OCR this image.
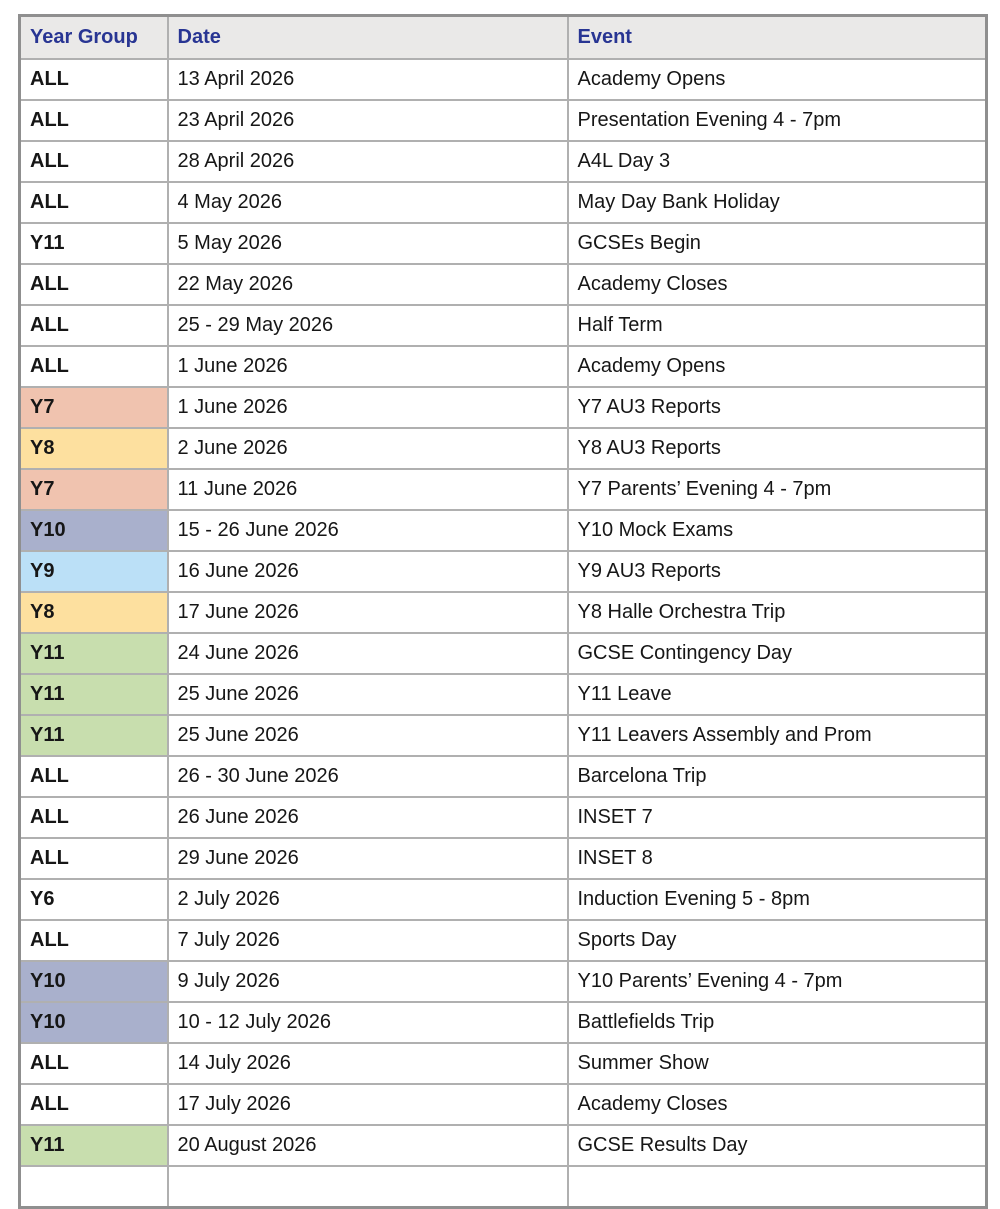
Year Group	Date	Event
ALL	13 April 2026	Academy Opens
ALL	23 April 2026	Presentation Evening 4 - 7pm
ALL	28 April 2026	A4L Day 3
ALL	4 May 2026	May Day Bank Holiday
Y11	5 May 2026	GCSEs Begin
ALL	22 May 2026	Academy Closes
ALL	25 - 29 May 2026	Half Term
ALL	1 June 2026	Academy Opens
Y7	1 June 2026	Y7 AU3 Reports
Y8	2 June 2026	Y8 AU3 Reports
Y7	11 June 2026	Y7 Parents’ Evening 4 - 7pm
Y10	15 - 26 June 2026	Y10 Mock Exams
Y9	16 June 2026	Y9 AU3 Reports
Y8	17 June 2026	Y8 Halle Orchestra Trip
Y11	24 June 2026	GCSE Contingency Day
Y11	25 June 2026	Y11 Leave
Y11	25 June 2026	Y11 Leavers Assembly and Prom
ALL	26 - 30 June 2026	Barcelona Trip
ALL	26 June 2026	INSET 7
ALL	29 June 2026	INSET 8
Y6	2 July 2026	Induction Evening 5 - 8pm
ALL	7 July 2026	Sports Day
Y10	9 July 2026	Y10 Parents’ Evening 4 - 7pm
Y10	10 - 12 July 2026	Battlefields Trip
ALL	14 July 2026	Summer Show
ALL	17 July 2026	Academy Closes
Y11	20 August 2026	GCSE Results Day
